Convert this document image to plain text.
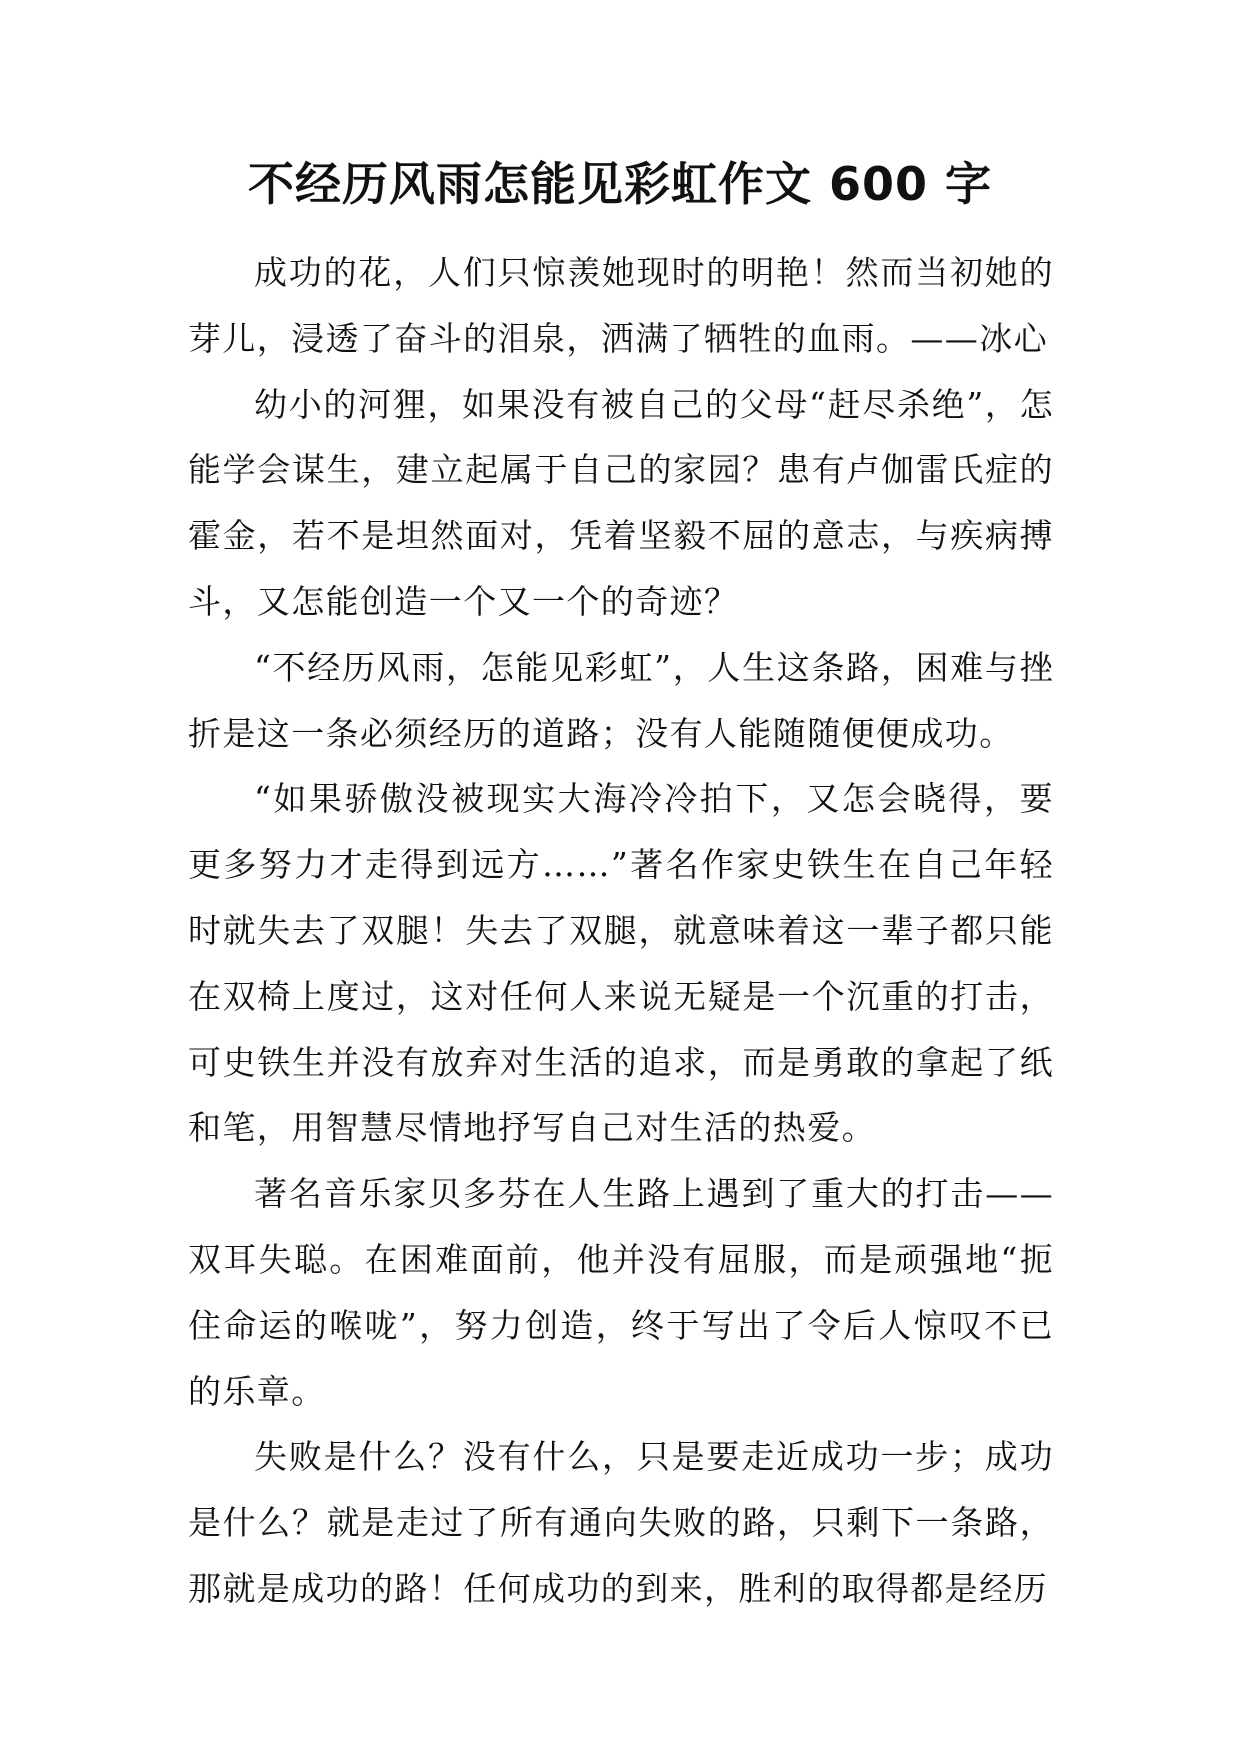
不经历风雨怎能见彩虹作文 600 字

成功的花，人们只惊羡她现时的明艳！然而当初她的芽儿，浸透了奋斗的泪泉，洒满了牺牲的血雨。——冰心

幼小的河狸，如果没有被自己的父母“赶尽杀绝”，怎能学会谋生，建立起属于自己的家园？患有卢伽雷氏症的霍金，若不是坦然面对，凭着坚毅不屈的意志，与疾病搏斗，又怎能创造一个又一个的奇迹？

“不经历风雨，怎能见彩虹”，人生这条路，困难与挫折是这一条必须经历的道路；没有人能随随便便成功。

“如果骄傲没被现实大海冷冷拍下，又怎会晓得，要更多努力才走得到远方……”著名作家史铁生在自己年轻时就失去了双腿！失去了双腿，就意味着这一辈子都只能在双椅上度过，这对任何人来说无疑是一个沉重的打击，可史铁生并没有放弃对生活的追求，而是勇敢的拿起了纸和笔，用智慧尽情地抒写自己对生活的热爱。

著名音乐家贝多芬在人生路上遇到了重大的打击——双耳失聪。在困难面前，他并没有屈服，而是顽强地“扼住命运的喉咙”，努力创造，终于写出了令后人惊叹不已的乐章。

失败是什么？没有什么，只是要走近成功一步；成功是什么？就是走过了所有通向失败的路，只剩下一条路，那就是成功的路！任何成功的到来，胜利的取得都是经历
